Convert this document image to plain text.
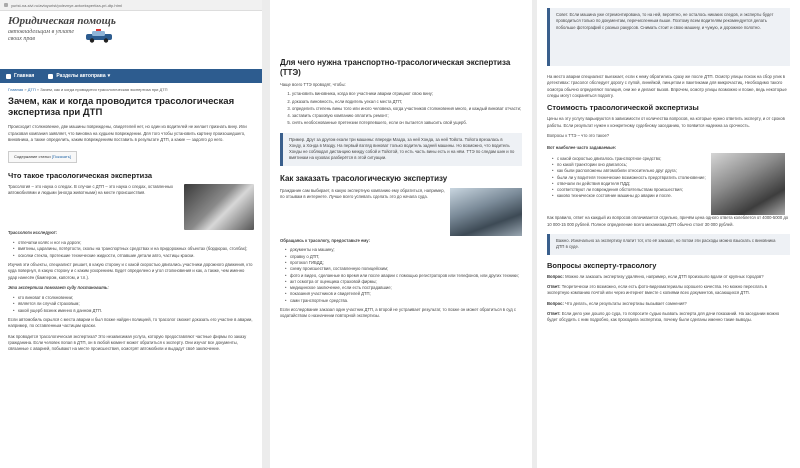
yurist-na-sivi.ru/avtoyurist/poleznye-avtoekspertiza-pri-dtp.html
Юридическая помощь
автовладельцам в уплате своих прав
Главная	Разделы автоправа ▾
Главная » ДТП » Зачем, как и когда проводится трасологическая экспертиза при ДТП
Зачем, как и когда проводится трасологическая экспертиза при ДТП

Происходит столкновение, две машины повреждены, свидетелей нет, но один из водителей не желает признать вину. Или страховая компания заявляет, что виновна на худшем повреждении. Для того чтобы установить картину произошедшего, виновника, а также определить, каким повреждениям поставить в результате ДТП, а какие — задолго до него.

Содержание статьи [Показать]
Что такое трасологическая экспертиза

Трасология – это наука о следах. В случае с ДТП – это наука о следах, оставленных автомобилями и людьми (иногда животными) на месте происшествия.

Трассологи исследуют:

• отпечатки колёс и ног на дороге;
• вмятины, царапины, потёртости, сколы на транспортных средствах и на придорожных объектах (бордюрах, столбах);
• осколки стекла, протекшие технические жидкости, отпавшие детали авто, частицы краски.

Изучив эти объекты, специалист решает, в какую сторону и с какой скоростью двигались участники дорожного движения, кто куда повернул, в какую сторону и с каким ускорением. Будет определено и угол столкновения и как, а также, чем именно удар нанесён (бампером, капотом, и т.п.).

Эта экспертиза помогает суду постановить:

• кто виноват в столкновении;
• является ли случай страховым;
• какой ущерб возник именно в данном ДТП.

Если автомобиль скрылся с места аварии и был позже найден полицией, то трасолог сможет доказать его участие в аварии, например, по оставленным частицам краски.

Как проводится трасологическая экспертиза? Это независимая услуга, которую предоставляют частные фирмы по заказу гражданина. Если человек попал в ДТП, он в любой момент может обратиться к эксперту. Они изучат все документы, связанные с аварией, побывают на месте происшествия, осмотрят автомобили и выдадут своё заключение.

Для чего нужна транспортно-трасологическая экспертиза (ТТЭ)

Чаще всего ТТЭ проводят, чтобы:

1. установить виновника, когда все участники аварии отрицают свою вину;
2. доказать виновность, если водитель уехал с места ДТП;
3. определить степень вины того или иного человека, когда участников столкновения много, и каждый виноват отчасти;
4. заставить страховую компанию оплатить ремонт;
5. снять необоснованные претензии потерпевшего, если он пытается завысить свой ущерб.
Пример. Друг за другом ехали три машины: впереди Мазда, за ней Хонда, за ней Тойота. Тойота врезалась в Хонду, а Хонда в Мазду. На первый взгляд виноват только водитель задней машины. Но возможно, что водитель Хонды не соблюдал дистанцию между собой и Тойотой, то есть часть вины есть и на нём. ТТЭ по следам шин и по вмятинам на кузовах разберётся в этой ситуации.
Как заказать трасологическую экспертизу

Гражданин сам выбирает, в какую экспертную компанию ему обратиться, например, по отзывам в интернете. Лучше всего успевать сделать это до начала суда.

Обращаясь к трасологу, предоставьте ему:

• документы на машину;
• справку о ДТП;
• протокол ГИБДД;
• схему происшествия, составленную полицейским;
• фото и видео, сделанные во время или после аварии с помощью регистраторов или телефонов, или других техники;
• акт осмотра от оценщика страховой фирмы;
• медицинское заключение, если есть пострадавшие;
• показания участников и свидетелей ДТП;
• сами транспортные средства.

Если исследование заказал один участник ДТП, а второй не устраивает результат, то позже он может обратиться в суд с ходатайством о назначении повторной экспертизы.

Совет. Если машина уже отремонтирована, то на ней, вероятно, не осталось никаких следов, и эксперты будет проводиться только по документам, перечисленным выше. Поэтому всем водителям рекомендуется делать побольше фотографий с разных ракурсов. Снимать стоит и свою машину, и чужую, и дорожное полотно.

На место аварии специалист выезжает, если к нему обратились сразу же после ДТП. Осмотр улицы похож на сбор улик в детективах: трасолог обследует дорогу с лупой, линейкой, пинцетом и пакетиками для микрочастиц. Необходимо такого осмотра обычно определяют полиция, они же и делают вызов. Впрочем, осмотр улицы возможно и позже, ведь некоторые следы могут сохраняться подолгу.

Стоимость трасологической экспертизы

Цены на эту услугу варьируются в зависимости от количества вопросов, на которые нужно ответить эксперту, и от сроков работы. Если результат нужен к конкретному судебному заседанию, то появится надежна за срочность.

Вопросы к ТТЭ – что это такое?

Вот наиболее часто задаваемые:

• с какой скоростью двигалось транспортное средство;
• по какой траектории оно двигалось;
• как были расположены автомобили относительно друг друга;
• были ли у водителя технические возможность предотвратить столкновение;
• отвечали ли действия водителя ПДД;
• соответствуют ли повреждения обстоятельствам происшествия;
• каково техническое состояние машины до аварии и после.

Как правило, ответ на каждый из вопросов оплачивается отдельно, причём цена одного ответа колеблется от 4000-5000 до 10 000-15 000 рублей. Полное определение всего механизма ДТП обычно стоит 30 000 рублей.

Важно. Изначально за экспертизу платит тот, кто её заказал, но потом эти расходы можно взыскать с виновника ДТП в суде.
Вопросы эксперту-трасологу

Вопрос: Можно ли заказать экспертизу удалённо, например, если ДТП произошло вдали от крупных городов?

Ответ: Теоретически это возможно, если есть фото-видеоматериалы хорошего качества. Но можно переслать в экспертную компанию почтой или через интернет вместе с копиями всех документов, касающихся ДТП.

Вопрос: Что делать, если результаты экспертизы вызывает сомнения?

Ответ: Если дело уже дошло до суда, то попросите судью вызвать эксперта для дачи показаний. На заседании можно будет обсудить с ним подробно, как проходила экспертиза, почему были сделаны именно такие выводы.
